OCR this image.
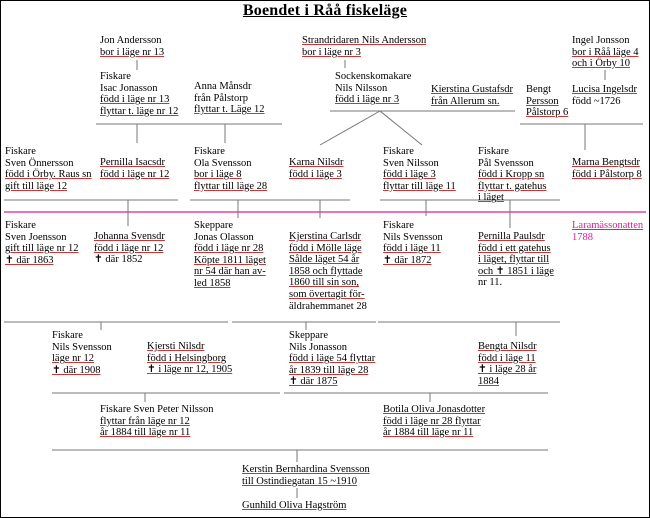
Boendet i Råå fiskeläge
Jon Andersson
bor i läge nr 13
Strandridaren Nils Andersson
bor i läge nr 3
Ingel Jonsson
bor i Råå läge 4
och i Örby 10
Fiskare
Isac Jonasson
född i läge nr 13
flyttar t. läge nr 12
Anna Månsdr
från Pålstorp
flyttar t. Läge 12
Sockenskomakare
Nils Nilsson
född i läge nr 3
Kierstina Gustafsdr
från Allerum sn.
Bengt
Persson
Pålstorp 6
Lucisa Ingelsdr
född ~1726
Fiskare
Sven Önnersson
född i Örby. Raus sn
gift till läge 12
Pernilla Isacsdr
född i läge nr 12
Fiskare
Ola Svensson
bor i läge 8
flyttar till läge 28
Karna Nilsdr
född i läge 3
Fiskare
Sven Nilsson
född i läge 3
flyttar till läge 11
Fiskare
Pål Svensson
född i Kropp sn
flyttar t. gatehus
i läget
Marna Bengtsdr
född i Pålstorp 8
Laramässonatten
1788
Fiskare
Sven Joensson
gift till läge nr 12
✝ där 1863
Johanna Svensdr
född i läge nr 12
✝ där 1852
Skeppare
Jonas Olasson
född i läge nr 28
Köpte 1811 läget
nr 54 där han av-
led 1858
Kjerstina Carlsdr
född i Mölle läge
Sålde läget 54 år
1858 och flyttade
1860 till sin son,
som övertagit för-
äldrahemmanet 28
Fiskare
Nils Svensson
född i läge 11
✝ där 1872
Pernilla Paulsdr
född i ett gatehus
i läget, flyttar till
och ✝ 1851 i läge
nr 11.
Fiskare
Nils Svensson
läge nr 12
✝ där 1908
Kjersti Nilsdr
född i Helsingborg
✝ i läge nr 12, 1905
Skeppare
Nils Jonasson
född i läge 54 flyttar
år 1839 till läge 28
✝ där 1875
Bengta Nilsdr
född i läge 11
✝ i läge 28 år
1884
Fiskare Sven Peter Nilsson
flyttar från läge nr 12
år 1884 till läge nr 11
Botila Oliva Jonasdotter
född i läge nr 28 flyttar
år 1884 till läge nr 11
Kerstin Bernhardina Svensson
till Ostindiegatan 15 ~1910
Gunhild Oliva Hagström
